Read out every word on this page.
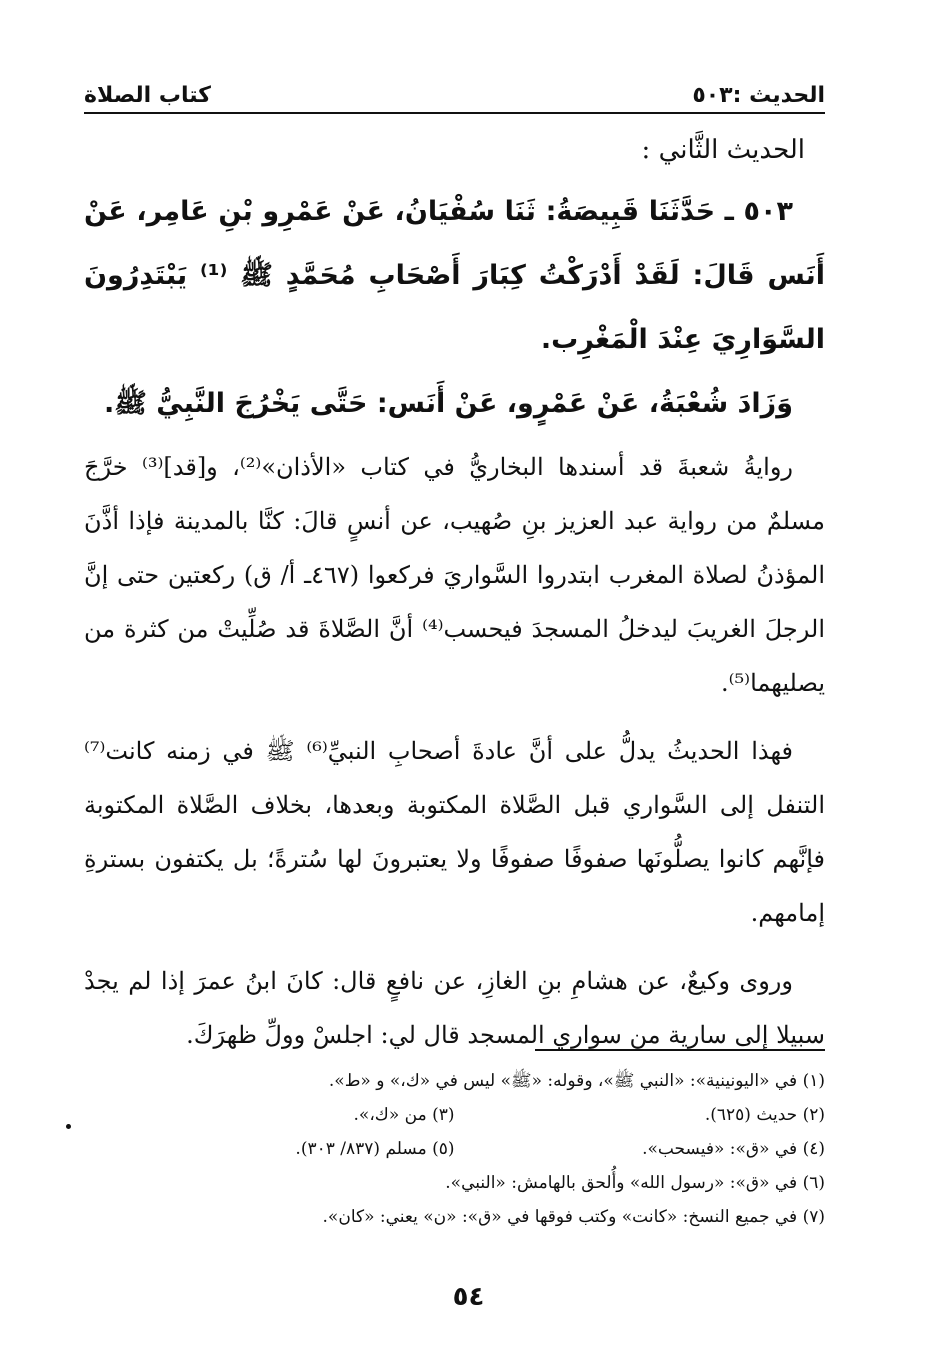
الحديث :٥٠٣
كتاب الصلاة

الحديث الثَّاني :

٥٠٣ ـ حَدَّثَنَا قَبِيصَةُ: ثَنَا سُفْيَانُ، عَنْ عَمْرِو بْنِ عَامِر، عَنْ أَنَس قَالَ: لَقَدْ أَدْرَكْتُ كِبَارَ أَصْحَابِ مُحَمَّدٍ ﷺ ⁽¹⁾ يَبْتَدِرُونَ السَّوَارِيَ عِنْدَ الْمَغْرِب.

وَزَادَ شُعْبَةُ، عَنْ عَمْرٍو، عَنْ أَنَس: حَتَّى يَخْرُجَ النَّبِيُّ ﷺ.

روايةُ شعبةَ قد أسندها البخاريُّ في كتاب «الأذان»⁽²⁾، و[قد]⁽³⁾ خرَّجَ مسلمٌ من رواية عبد العزيز بنِ صُهيب، عن أنسٍ قالَ: كنَّا بالمدينة فإذا أذَّنَ المؤذنُ لصلاة المغرب ابتدروا السَّواريَ فركعوا (٤٦٧ـ أ/ ق) ركعتين حتى إنَّ الرجلَ الغريبَ ليدخلُ المسجدَ فيحسب⁽⁴⁾ أنَّ الصَّلاةَ قد صُلِّيتْ من كثرة من يصليهما⁽⁵⁾.

فهذا الحديثُ يدلُّ على أنَّ عادةَ أصحابِ النبيِّ⁽⁶⁾ ﷺ في زمنه كانت⁽⁷⁾ التنفل إلى السَّواري قبل الصَّلاة المكتوبة وبعدها، بخلاف الصَّلاة المكتوبة فإنَّهم كانوا يصلُّونَها صفوفًا صفوفًا ولا يعتبرونَ لها سُترةً؛ بل يكتفون بسترةِ إمامهم.

وروى وكيعٌ، عن هشامِ بنِ الغازِ، عن نافعٍ قال: كانَ ابنُ عمرَ إذا لم يجدْ سبيلا إلى سارية من سواري المسجد قال لي: اجلسْ وولِّ ظهرَكَ.

(١) في «اليونينية»: «النبي ﷺ»، وقوله: «ﷺ» ليس في «ك،» و «ط».
(٢) حديث (٦٢٥).
(٣) من «ك،».
(٤) في «ق»: «فيسحب».
(٥) مسلم (٨٣٧/ ٣٠٣).
(٦) في «ق»: «رسول الله» وأُلحق بالهامش: «النبي».
(٧) في جميع النسخ: «كانت» وكتب فوقها في «ق»: «ن» يعني: «كان».
٥٤
